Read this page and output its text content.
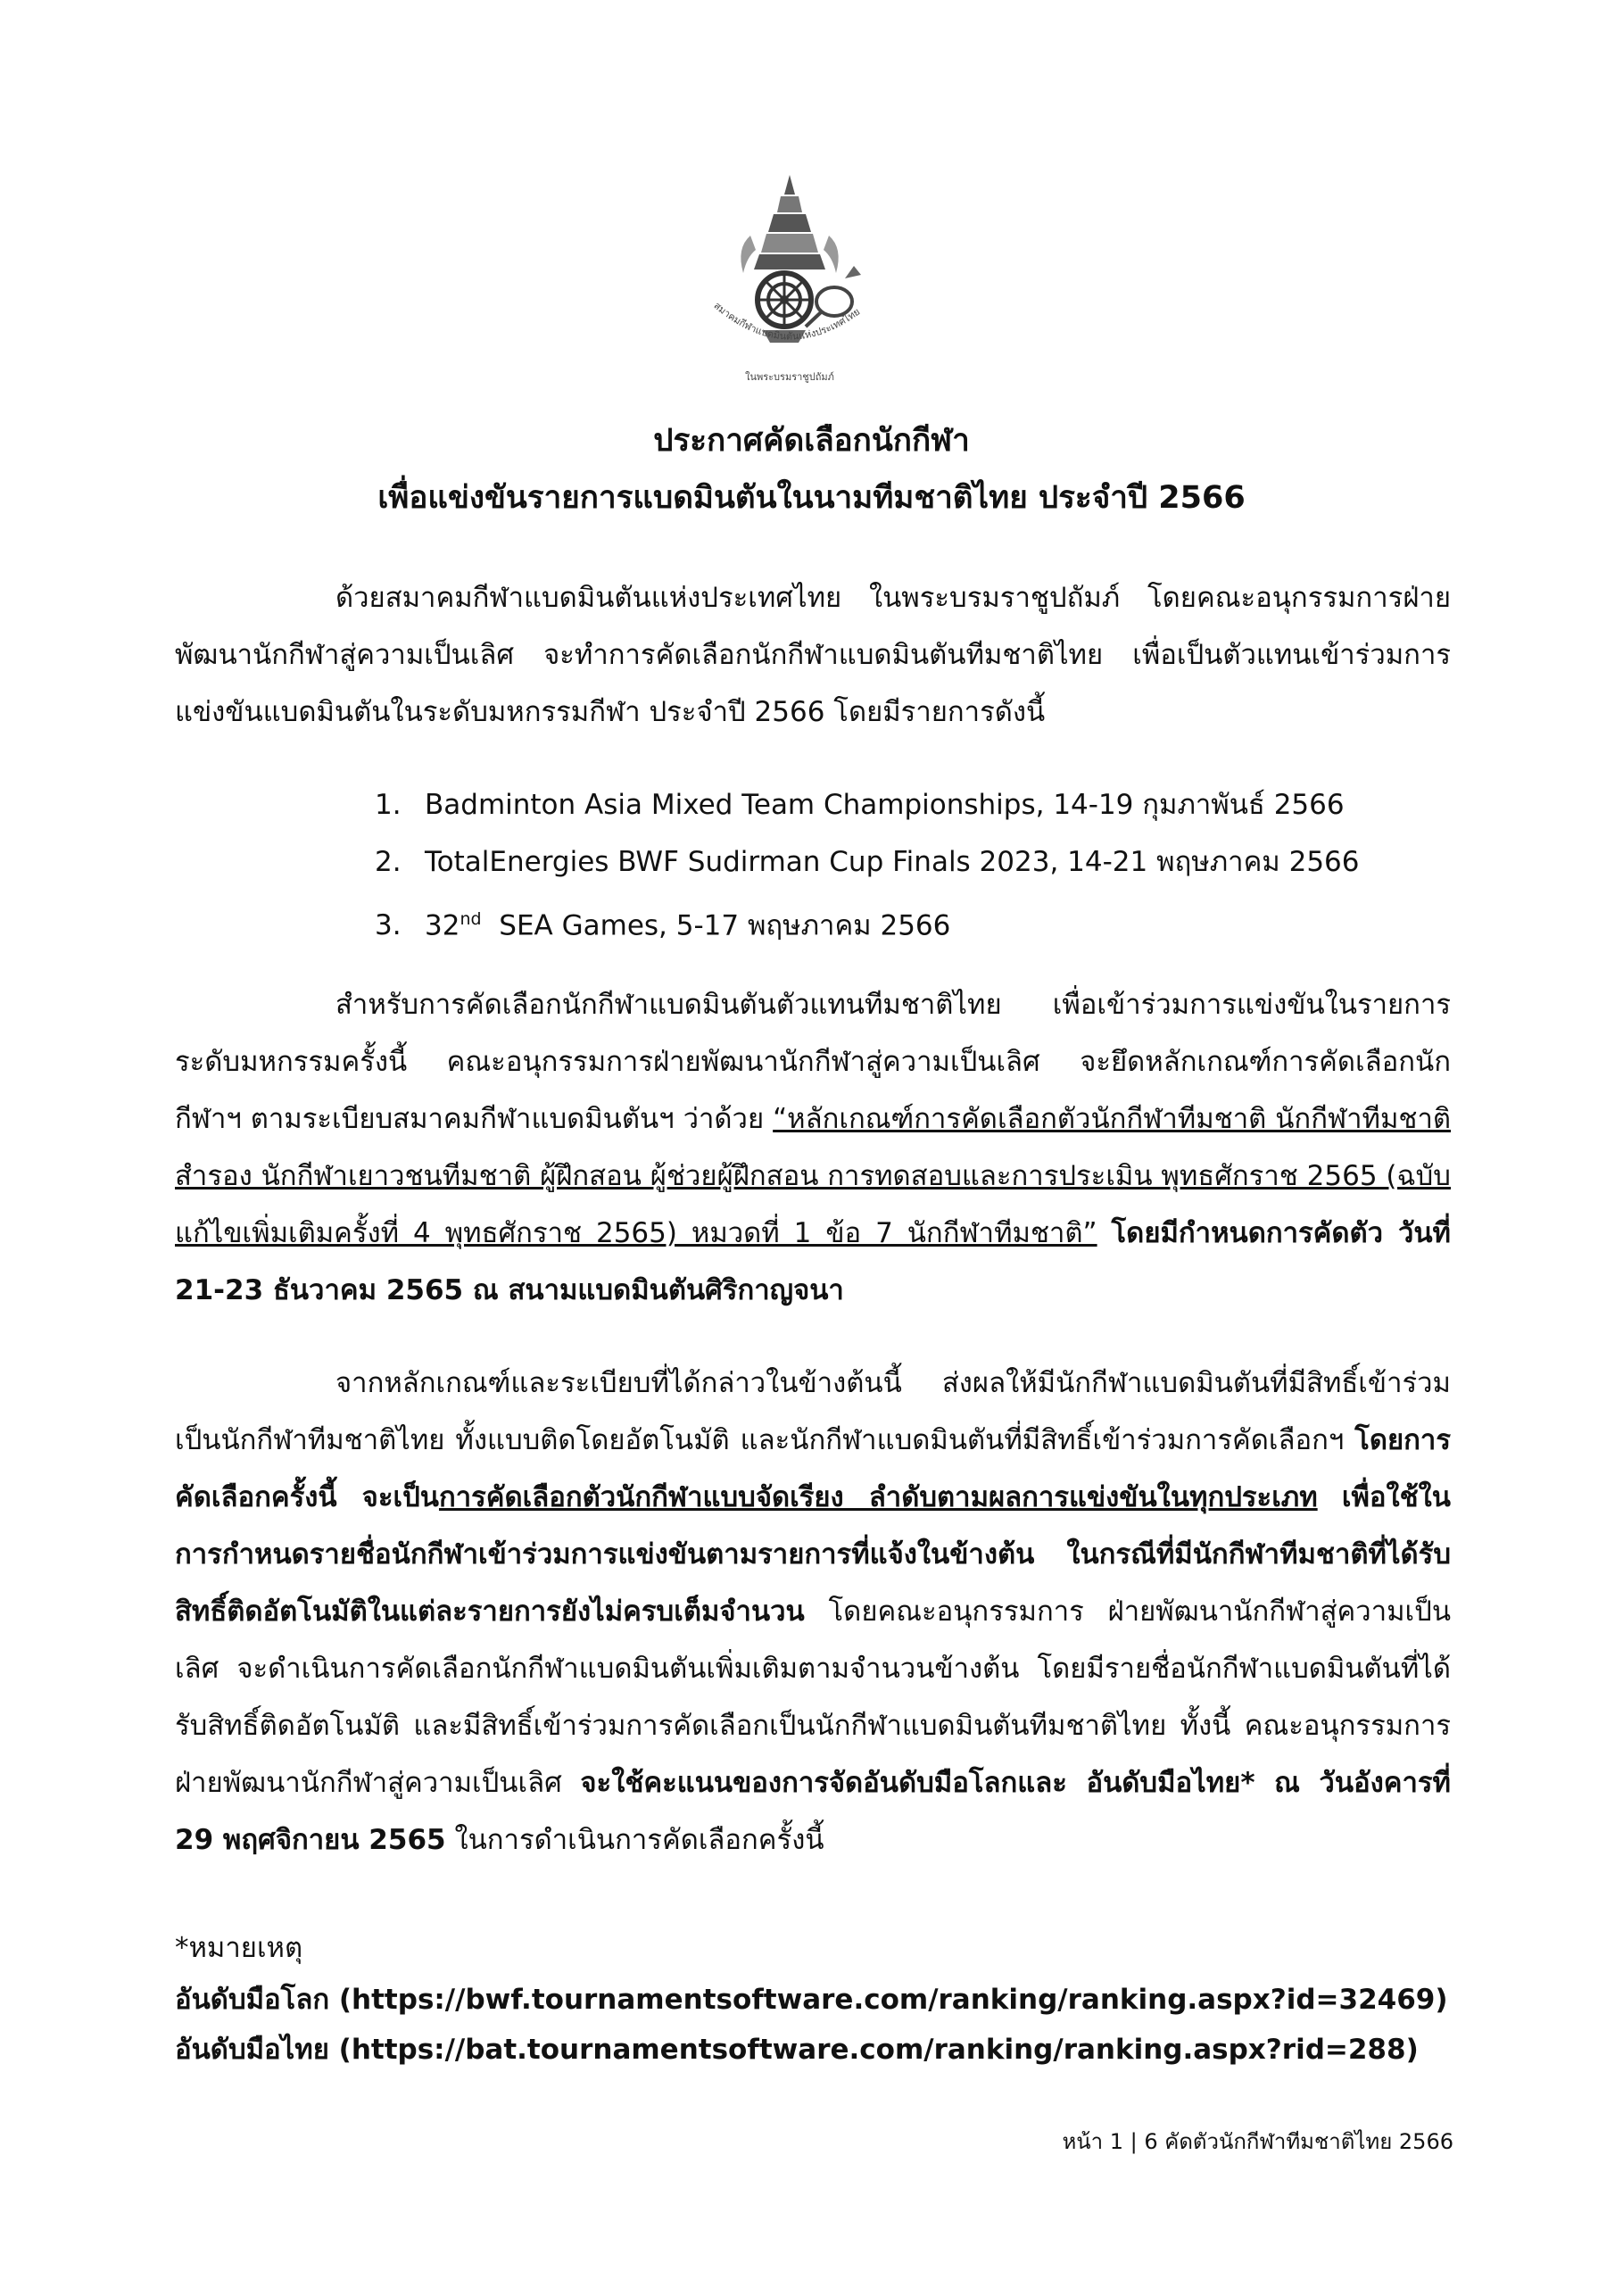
สมาคมกีฬาแบดมินตันแห่งประเทศไทย
ในพระบรมราชูปถัมภ์
ประกาศคัดเลือกนักกีฬา
เพื่อแข่งขันรายการแบดมินตันในนามทีมชาติไทย ประจำปี 2566

ด้วยสมาคมกีฬาแบดมินตันแห่งประเทศไทย ในพระบรมราชูปถัมภ์ โดยคณะอนุกรรมการฝ่ายพัฒนานักกีฬาสู่ความเป็นเลิศ จะทำการคัดเลือกนักกีฬาแบดมินตันทีมชาติไทย เพื่อเป็นตัวแทนเข้าร่วมการแข่งขันแบดมินตันในระดับมหกรรมกีฬา ประจำปี 2566 โดยมีรายการดังนี้

1. Badminton Asia Mixed Team Championships, 14-19 กุมภาพันธ์ 2566
2. TotalEnergies BWF Sudirman Cup Finals 2023, 14-21 พฤษภาคม 2566
3. 32nd SEA Games, 5-17 พฤษภาคม 2566

สำหรับการคัดเลือกนักกีฬาแบดมินตันตัวแทนทีมชาติไทย เพื่อเข้าร่วมการแข่งขันในรายการระดับมหกรรมครั้งนี้ คณะอนุกรรมการฝ่ายพัฒนานักกีฬาสู่ความเป็นเลิศ จะยึดหลักเกณฑ์การคัดเลือกนักกีฬาฯ ตามระเบียบสมาคมกีฬาแบดมินตันฯ ว่าด้วย “หลักเกณฑ์การคัดเลือกตัวนักกีฬาทีมชาติ นักกีฬาทีมชาติสำรอง นักกีฬาเยาวชนทีมชาติ ผู้ฝึกสอน ผู้ช่วยผู้ฝึกสอน การทดสอบและการประเมิน พุทธศักราช 2565 (ฉบับแก้ไขเพิ่มเติมครั้งที่ 4 พุทธศักราช 2565) หมวดที่ 1 ข้อ 7 นักกีฬาทีมชาติ” โดยมีกำหนดการคัดตัว วันที่ 21-23 ธันวาคม 2565 ณ สนามแบดมินตันศิริกาญจนา

จากหลักเกณฑ์และระเบียบที่ได้กล่าวในข้างต้นนี้ ส่งผลให้มีนักกีฬาแบดมินตันที่มีสิทธิ์เข้าร่วมเป็นนักกีฬาทีมชาติไทย ทั้งแบบติดโดยอัตโนมัติ และนักกีฬาแบดมินตันที่มีสิทธิ์เข้าร่วมการคัดเลือกฯ โดยการคัดเลือกครั้งนี้ จะเป็นการคัดเลือกตัวนักกีฬาแบบจัดเรียง ลำดับตามผลการแข่งขันในทุกประเภท เพื่อใช้ในการกำหนดรายชื่อนักกีฬาเข้าร่วมการแข่งขันตามรายการที่แจ้งในข้างต้น ในกรณีที่มีนักกีฬาทีมชาติที่ได้รับสิทธิ์ติดอัตโนมัติในแต่ละรายการยังไม่ครบเต็มจำนวน โดยคณะอนุกรรมการ ฝ่ายพัฒนานักกีฬาสู่ความเป็นเลิศ จะดำเนินการคัดเลือกนักกีฬาแบดมินตันเพิ่มเติมตามจำนวนข้างต้น โดยมีรายชื่อนักกีฬาแบดมินตันที่ได้รับสิทธิ์ติดอัตโนมัติ และมีสิทธิ์เข้าร่วมการคัดเลือกเป็นนักกีฬาแบดมินตันทีมชาติไทย ทั้งนี้ คณะอนุกรรมการ ฝ่ายพัฒนานักกีฬาสู่ความเป็นเลิศ จะใช้คะแนนของการจัดอันดับมือโลกและ อันดับมือไทย* ณ วันอังคารที่ 29 พฤศจิกายน 2565 ในการดำเนินการคัดเลือกครั้งนี้

*หมายเหตุ
อันดับมือโลก (https://bwf.tournamentsoftware.com/ranking/ranking.aspx?id=32469)
อันดับมือไทย (https://bat.tournamentsoftware.com/ranking/ranking.aspx?rid=288)
หน้า 1 | 6 คัดตัวนักกีฬาทีมชาติไทย 2566
